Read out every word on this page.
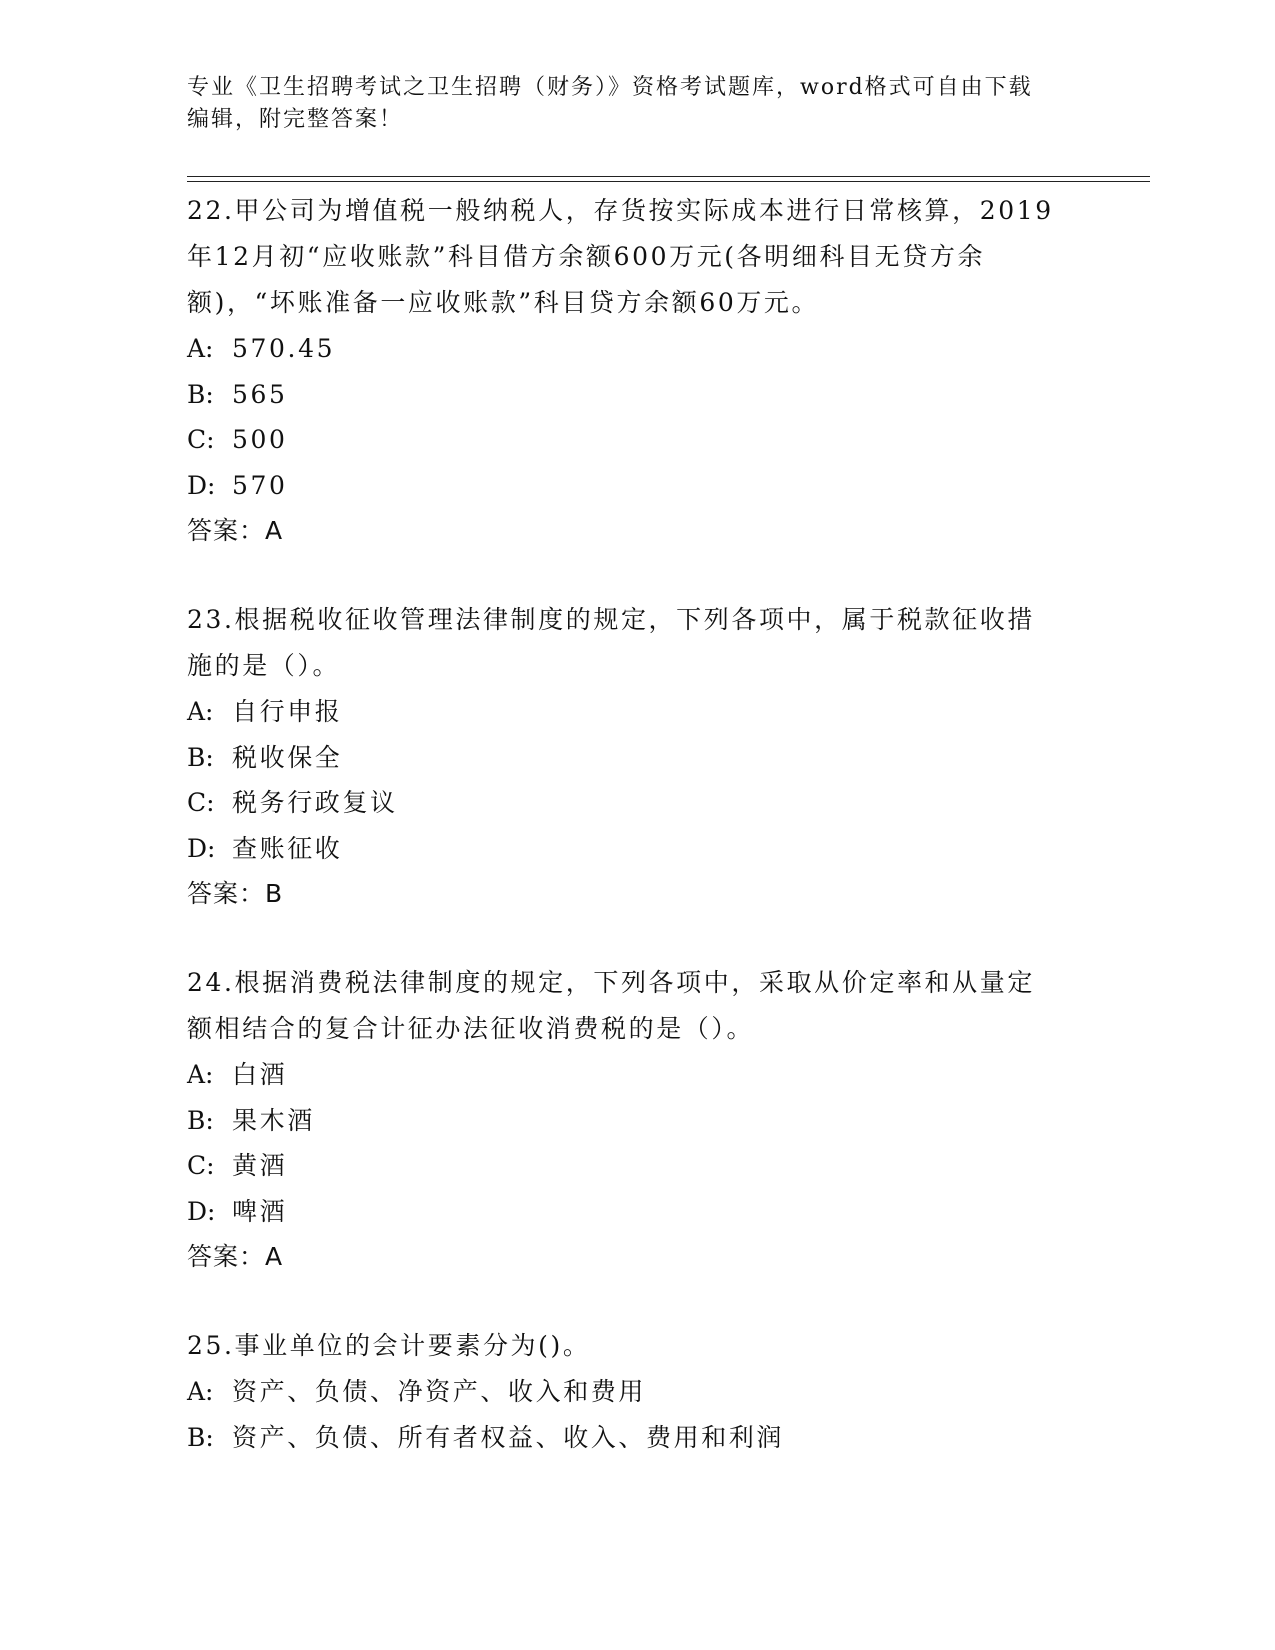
专业《卫生招聘考试之卫生招聘（财务）》资格考试题库，word格式可自由下载
编辑，附完整答案！
22.甲公司为增值税一般纳税人，存货按实际成本进行日常核算，2019
年12月初“应收账款”科目借方余额600万元(各明细科目无贷方余
额)，“坏账准备一应收账款”科目贷方余额60万元。
A: 570.45
B: 565
C: 500
D: 570
答案：A
23.根据税收征收管理法律制度的规定，下列各项中，属于税款征收措
施的是（）。
A: 自行申报
B: 税收保全
C: 税务行政复议
D: 查账征收
答案：B
24.根据消费税法律制度的规定，下列各项中，采取从价定率和从量定
额相结合的复合计征办法征收消费税的是（）。
A: 白酒
B: 果木酒
C: 黄酒
D: 啤酒
答案：A
25.事业单位的会计要素分为()。
A: 资产、负债、净资产、收入和费用
B: 资产、负债、所有者权益、收入、费用和利润
